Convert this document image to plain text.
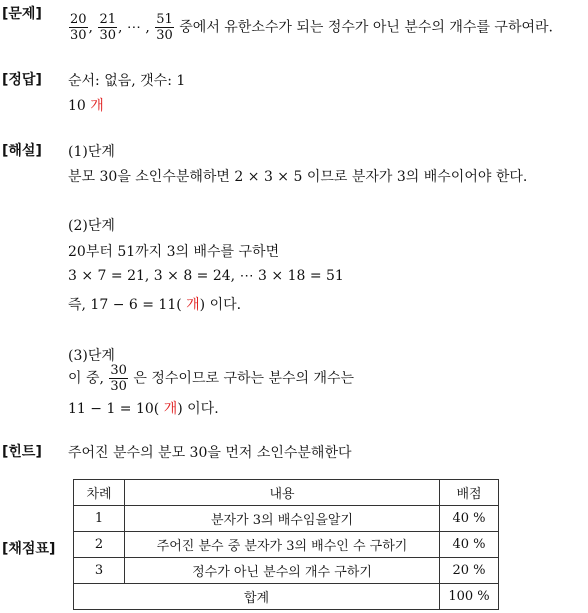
[문제] $\frac{20}{30}$ , $\frac{21}{30}$ , ⋯ , $\frac{51}{30}$ 중에서 유한소수가 되는 정수가 아닌 분수의 개수를 구하여라.
[정답] 순서: 없음, 갯수: 1
10 개
[해설] (1)단계
분모 30을 소인수분해하면 2 × 3 × 5 이므로 분자가 3의 배수이어야 한다.
(2)단계
20부터 51까지 3의 배수를 구하면
3 × 7 = 21, 3 × 8 = 24, ⋯ 3 × 18 = 51
즉, 17 − 6 = 11( 개) 이다.
(3)단계
이 중, $\frac{30}{30}$ 은 정수이므로 구하는 분수의 개수는
11 − 1 = 10( 개) 이다.
[힌트] 주어진 분수의 분모 30을 먼저 소인수분해한다
[채점표]
차례	내용	배점
1	분자가 3의 배수임을알기	40 %
2	주어진 분수 중 분자가 3의 배수인 수 구하기	40 %
3	정수가 아닌 분수의 개수 구하기	20 %
합계		100 %
